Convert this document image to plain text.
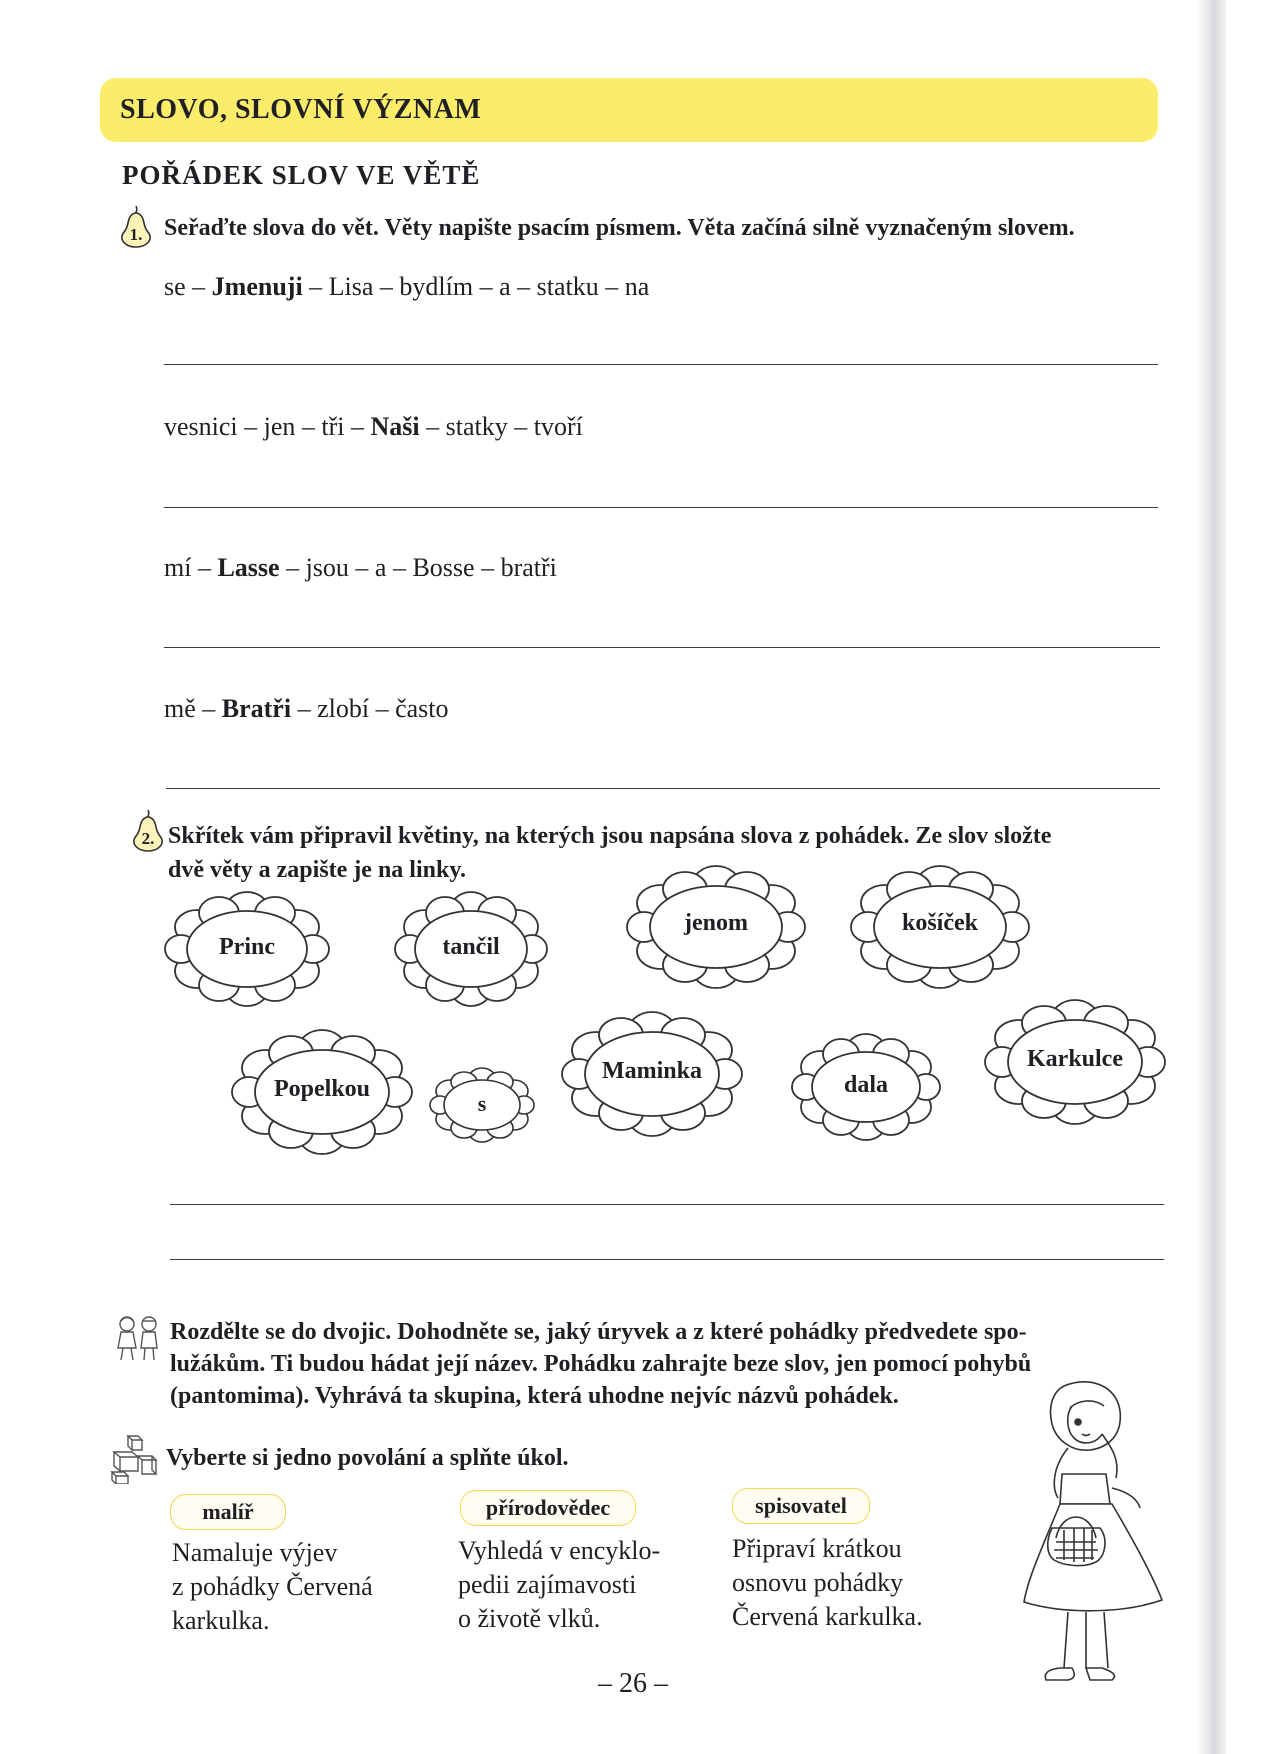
SLOVO, SLOVNÍ VÝZNAM
POŘÁDEK SLOV VE VĚTĚ
1. Seřaďte slova do vět. Věty napište psacím písmem. Věta začíná silně vyznačeným slovem.
se – Jmenuji – Lisa – bydlím – a – statku – na
vesnici – jen – tři – Naši – statky – tvoří
mí – Lasse – jsou – a – Bosse – bratři
mě – Bratři – zlobí – často
2. Skřítek vám připravil květiny, na kterých jsou napsána slova z pohádek. Ze slov složte
dvě věty a zapište je na linky.
Princ	tančil
jenom	košíček
Popelkou
s
Maminka
dala
Karkulce
Rozdělte se do dvojic. Dohodněte se, jaký úryvek a z které pohádky předvedete spo-
lužákům. Ti budou hádat její název. Pohádku zahrajte beze slov, jen pomocí pohybů
(pantomima). Vyhrává ta skupina, která uhodne nejvíc názvů pohádek.
Vyberte si jedno povolání a splňte úkol.
malíř
Namaluje výjev
z pohádky Červená
karkulka.
přírodovědec
Vyhledá v encyklo-
pedii zajímavosti
o životě vlků.
spisovatel
Připraví krátkou
osnovu pohádky
Červená karkulka.
– 26 –
